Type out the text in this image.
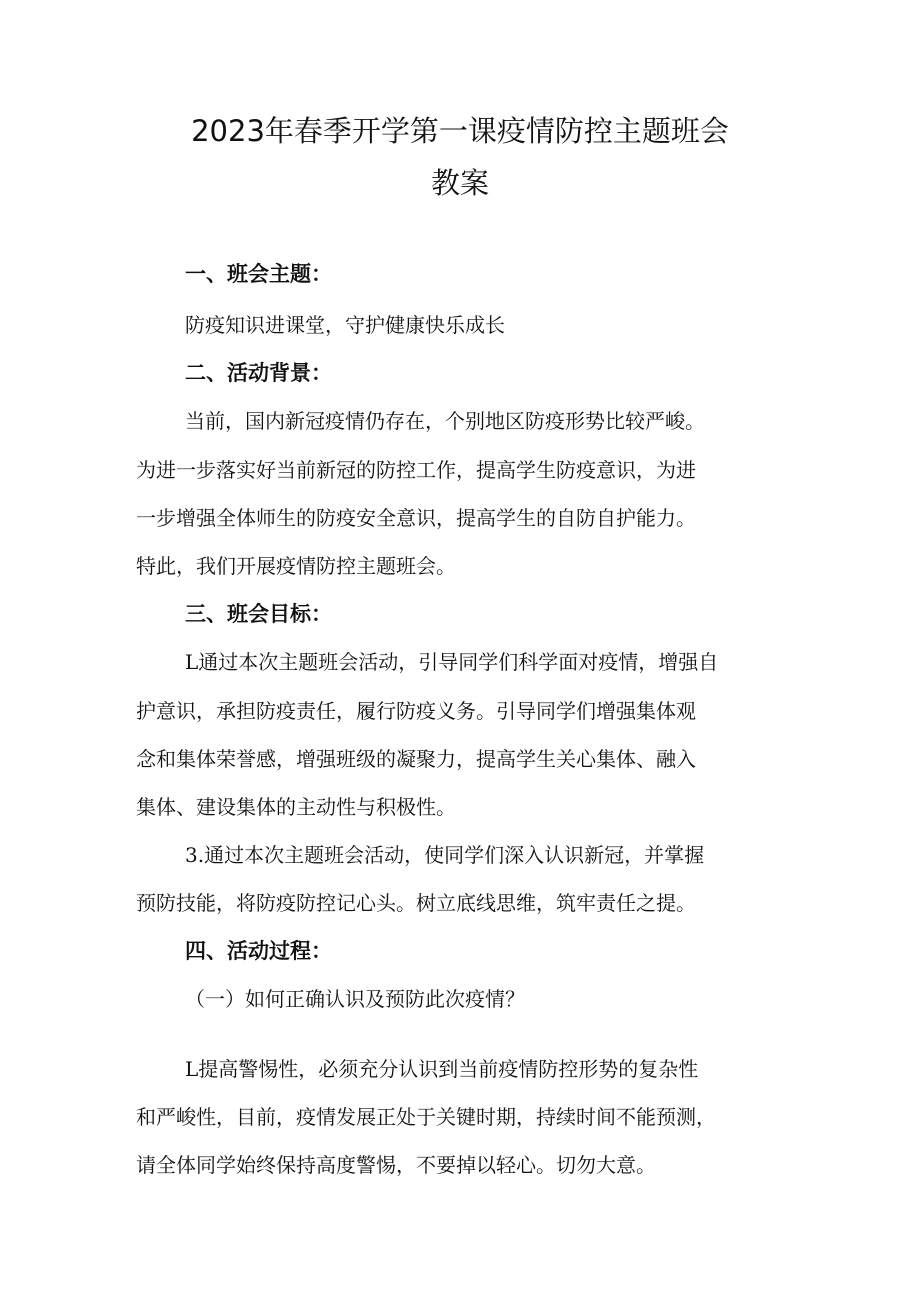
2023年春季开学第一课疫情防控主题班会
教案
一、班会主题：
防疫知识进课堂，守护健康快乐成长
二、活动背景：
当前，国内新冠疫情仍存在，个别地区防疫形势比较严峻。
为进一步落实好当前新冠的防控工作，提高学生防疫意识，为进
一步增强全体师生的防疫安全意识，提高学生的自防自护能力。
特此，我们开展疫情防控主题班会。
三、班会目标：
L通过本次主题班会活动，引导同学们科学面对疫情，增强自
护意识，承担防疫责任，履行防疫义务。引导同学们增强集体观
念和集体荣誉感，增强班级的凝聚力，提高学生关心集体、融入
集体、建设集体的主动性与积极性。
3.通过本次主题班会活动，使同学们深入认识新冠，并掌握
预防技能，将防疫防控记心头。树立底线思维，筑牢责任之提。
四、活动过程：
（一）如何正确认识及预防此次疫情？
L提高警惕性，必须充分认识到当前疫情防控形势的复杂性
和严峻性，目前，疫情发展正处于关键时期，持续时间不能预测，
请全体同学始终保持高度警惕，不要掉以轻心。切勿大意。
